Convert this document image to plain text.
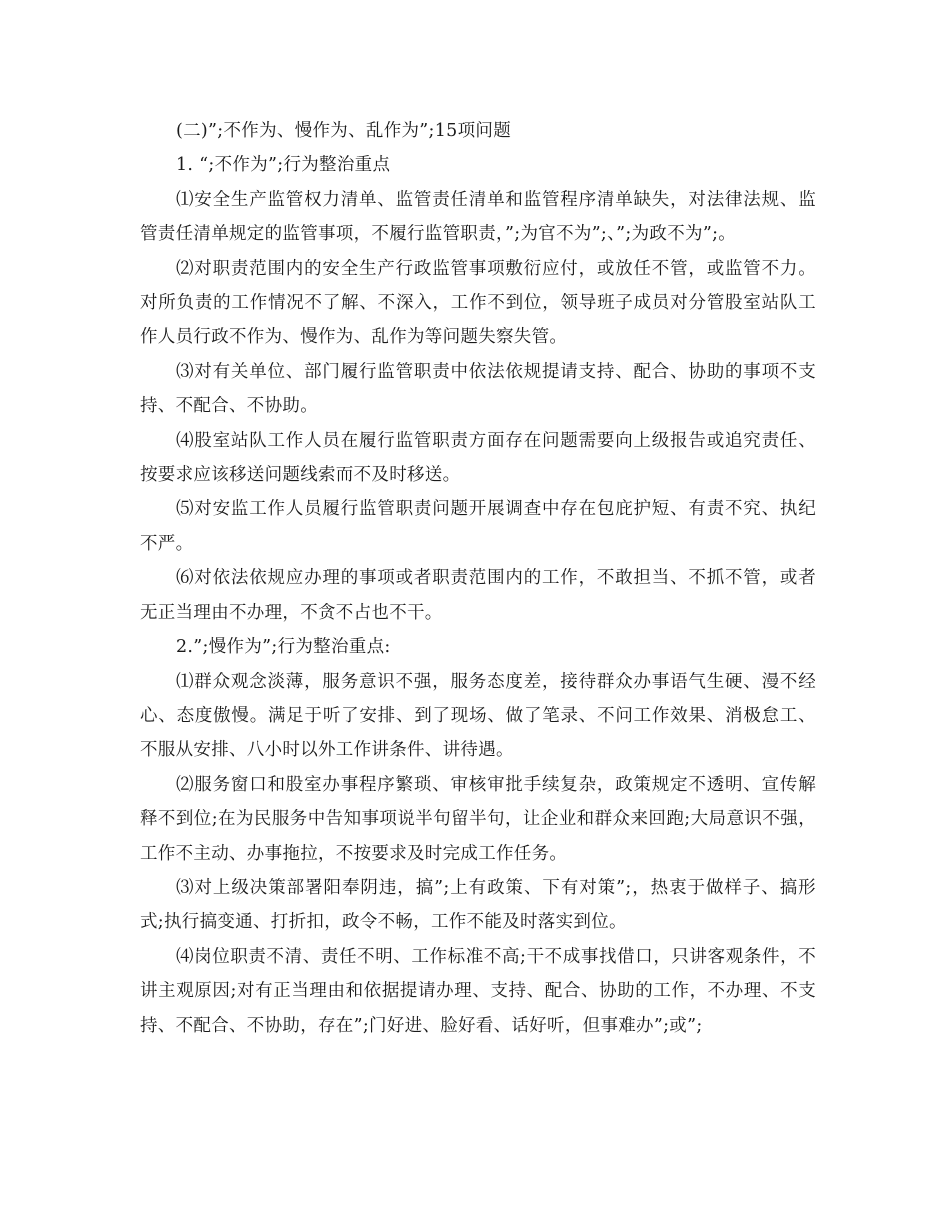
(二)”;不作为、慢作为、乱作为”;15项问题

1. “;不作为”;行为整治重点

⑴安全生产监管权力清单、监管责任清单和监管程序清单缺失，对法律法规、监管责任清单规定的监管事项，不履行监管职责，”;为官不为”;、”;为政不为”;。

⑵对职责范围内的安全生产行政监管事项敷衍应付，或放任不管，或监管不力。对所负责的工作情况不了解、不深入，工作不到位，领导班子成员对分管股室站队工作人员行政不作为、慢作为、乱作为等问题失察失管。

⑶对有关单位、部门履行监管职责中依法依规提请支持、配合、协助的事项不支持、不配合、不协助。

⑷股室站队工作人员在履行监管职责方面存在问题需要向上级报告或追究责任、按要求应该移送问题线索而不及时移送。

⑸对安监工作人员履行监管职责问题开展调查中存在包庇护短、有责不究、执纪不严。

⑹对依法依规应办理的事项或者职责范围内的工作，不敢担当、不抓不管，或者无正当理由不办理，不贪不占也不干。

2.”;慢作为”;行为整治重点:

⑴群众观念淡薄，服务意识不强，服务态度差，接待群众办事语气生硬、漫不经心、态度傲慢。满足于听了安排、到了现场、做了笔录、不问工作效果、消极怠工、不服从安排、八小时以外工作讲条件、讲待遇。

⑵服务窗口和股室办事程序繁琐、审核审批手续复杂，政策规定不透明、宣传解释不到位;在为民服务中告知事项说半句留半句，让企业和群众来回跑;大局意识不强，工作不主动、办事拖拉，不按要求及时完成工作任务。

⑶对上级决策部署阳奉阴违，搞”;上有政策、下有对策”;，热衷于做样子、搞形式;执行搞变通、打折扣，政令不畅，工作不能及时落实到位。

⑷岗位职责不清、责任不明、工作标准不高;干不成事找借口，只讲客观条件，不讲主观原因;对有正当理由和依据提请办理、支持、配合、协助的工作，不办理、不支持、不配合、不协助，存在”;门好进、脸好看、话好听，但事难办”;或”;
